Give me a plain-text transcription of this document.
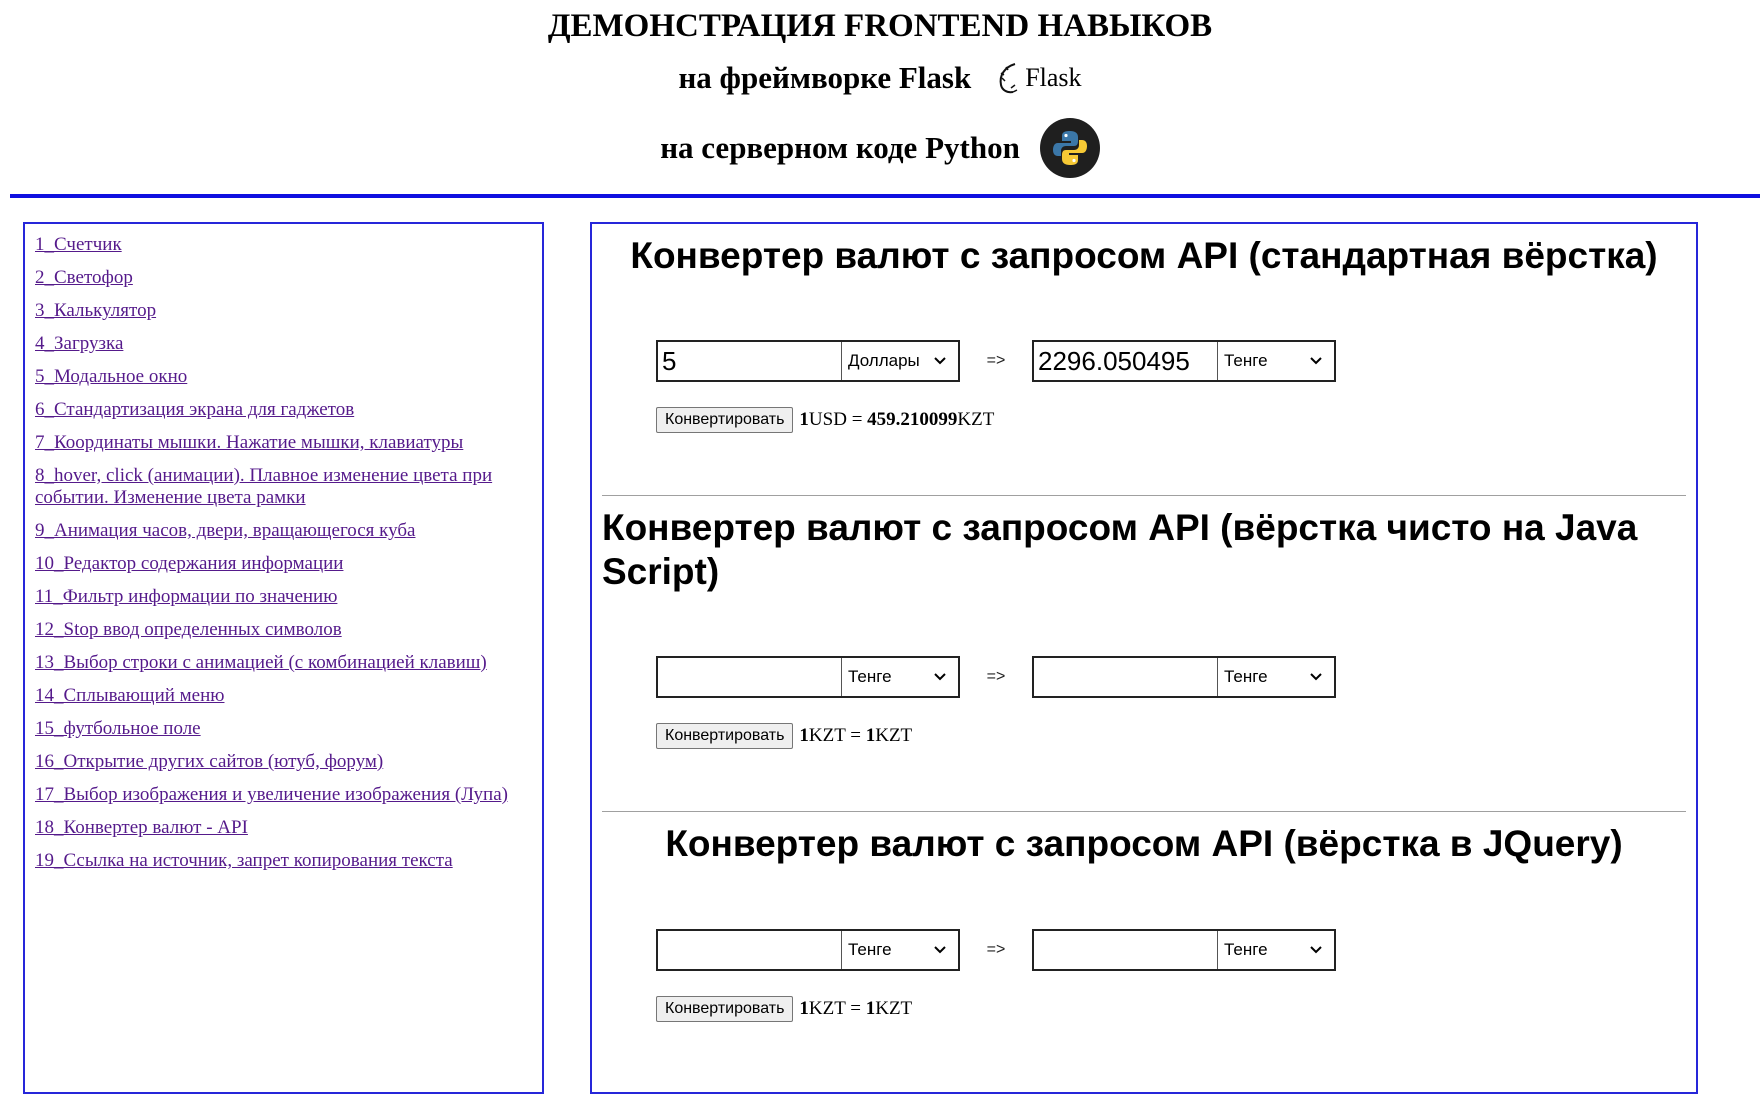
ДЕМОНСТРАЦИЯ FRONTEND НАВЫКОВ
на фреймворке Flask Flask
на серверном коде Python
1_Счетчик
2_Светофор
3_Калькулятор
4_Загрузка
5_Модальное окно
6_Стандартизация экрана для гаджетов
7_Координаты мышки. Нажатие мышки, клавиатуры
8_hover, click (анимации). Плавное изменение цвета при событии. Изменение цвета рамки
9_Анимация часов, двери, вращающегося куба
10_Редактор содержания информации
11_Фильтр информации по значению
12_Stop ввод определенных символов
13_Выбор строки с анимацией (с комбинацией клавиш)
14_Сплывающий меню
15_футбольное поле
16_Открытие других сайтов (ютуб, форум)
17_Выбор изображения и увеличение изображения (Лупа)
18_Конвертер валют - API
19_Ссылка на источник, запрет копирования текста
Конвертер валют с запросом API (стандартная вёрстка)
5
Доллары	=>
2296.050495	Тенге
Конвертировать 1USD = 459.210099KZT
Конвертер валют с запросом API (вёрстка чисто на Java Script)
Тенге	=>	Тенге
Конвертировать 1KZT = 1KZT
Конвертер валют с запросом API (вёрстка в JQuery)
Тенге	=>	Тенге
Конвертировать 1KZT = 1KZT
